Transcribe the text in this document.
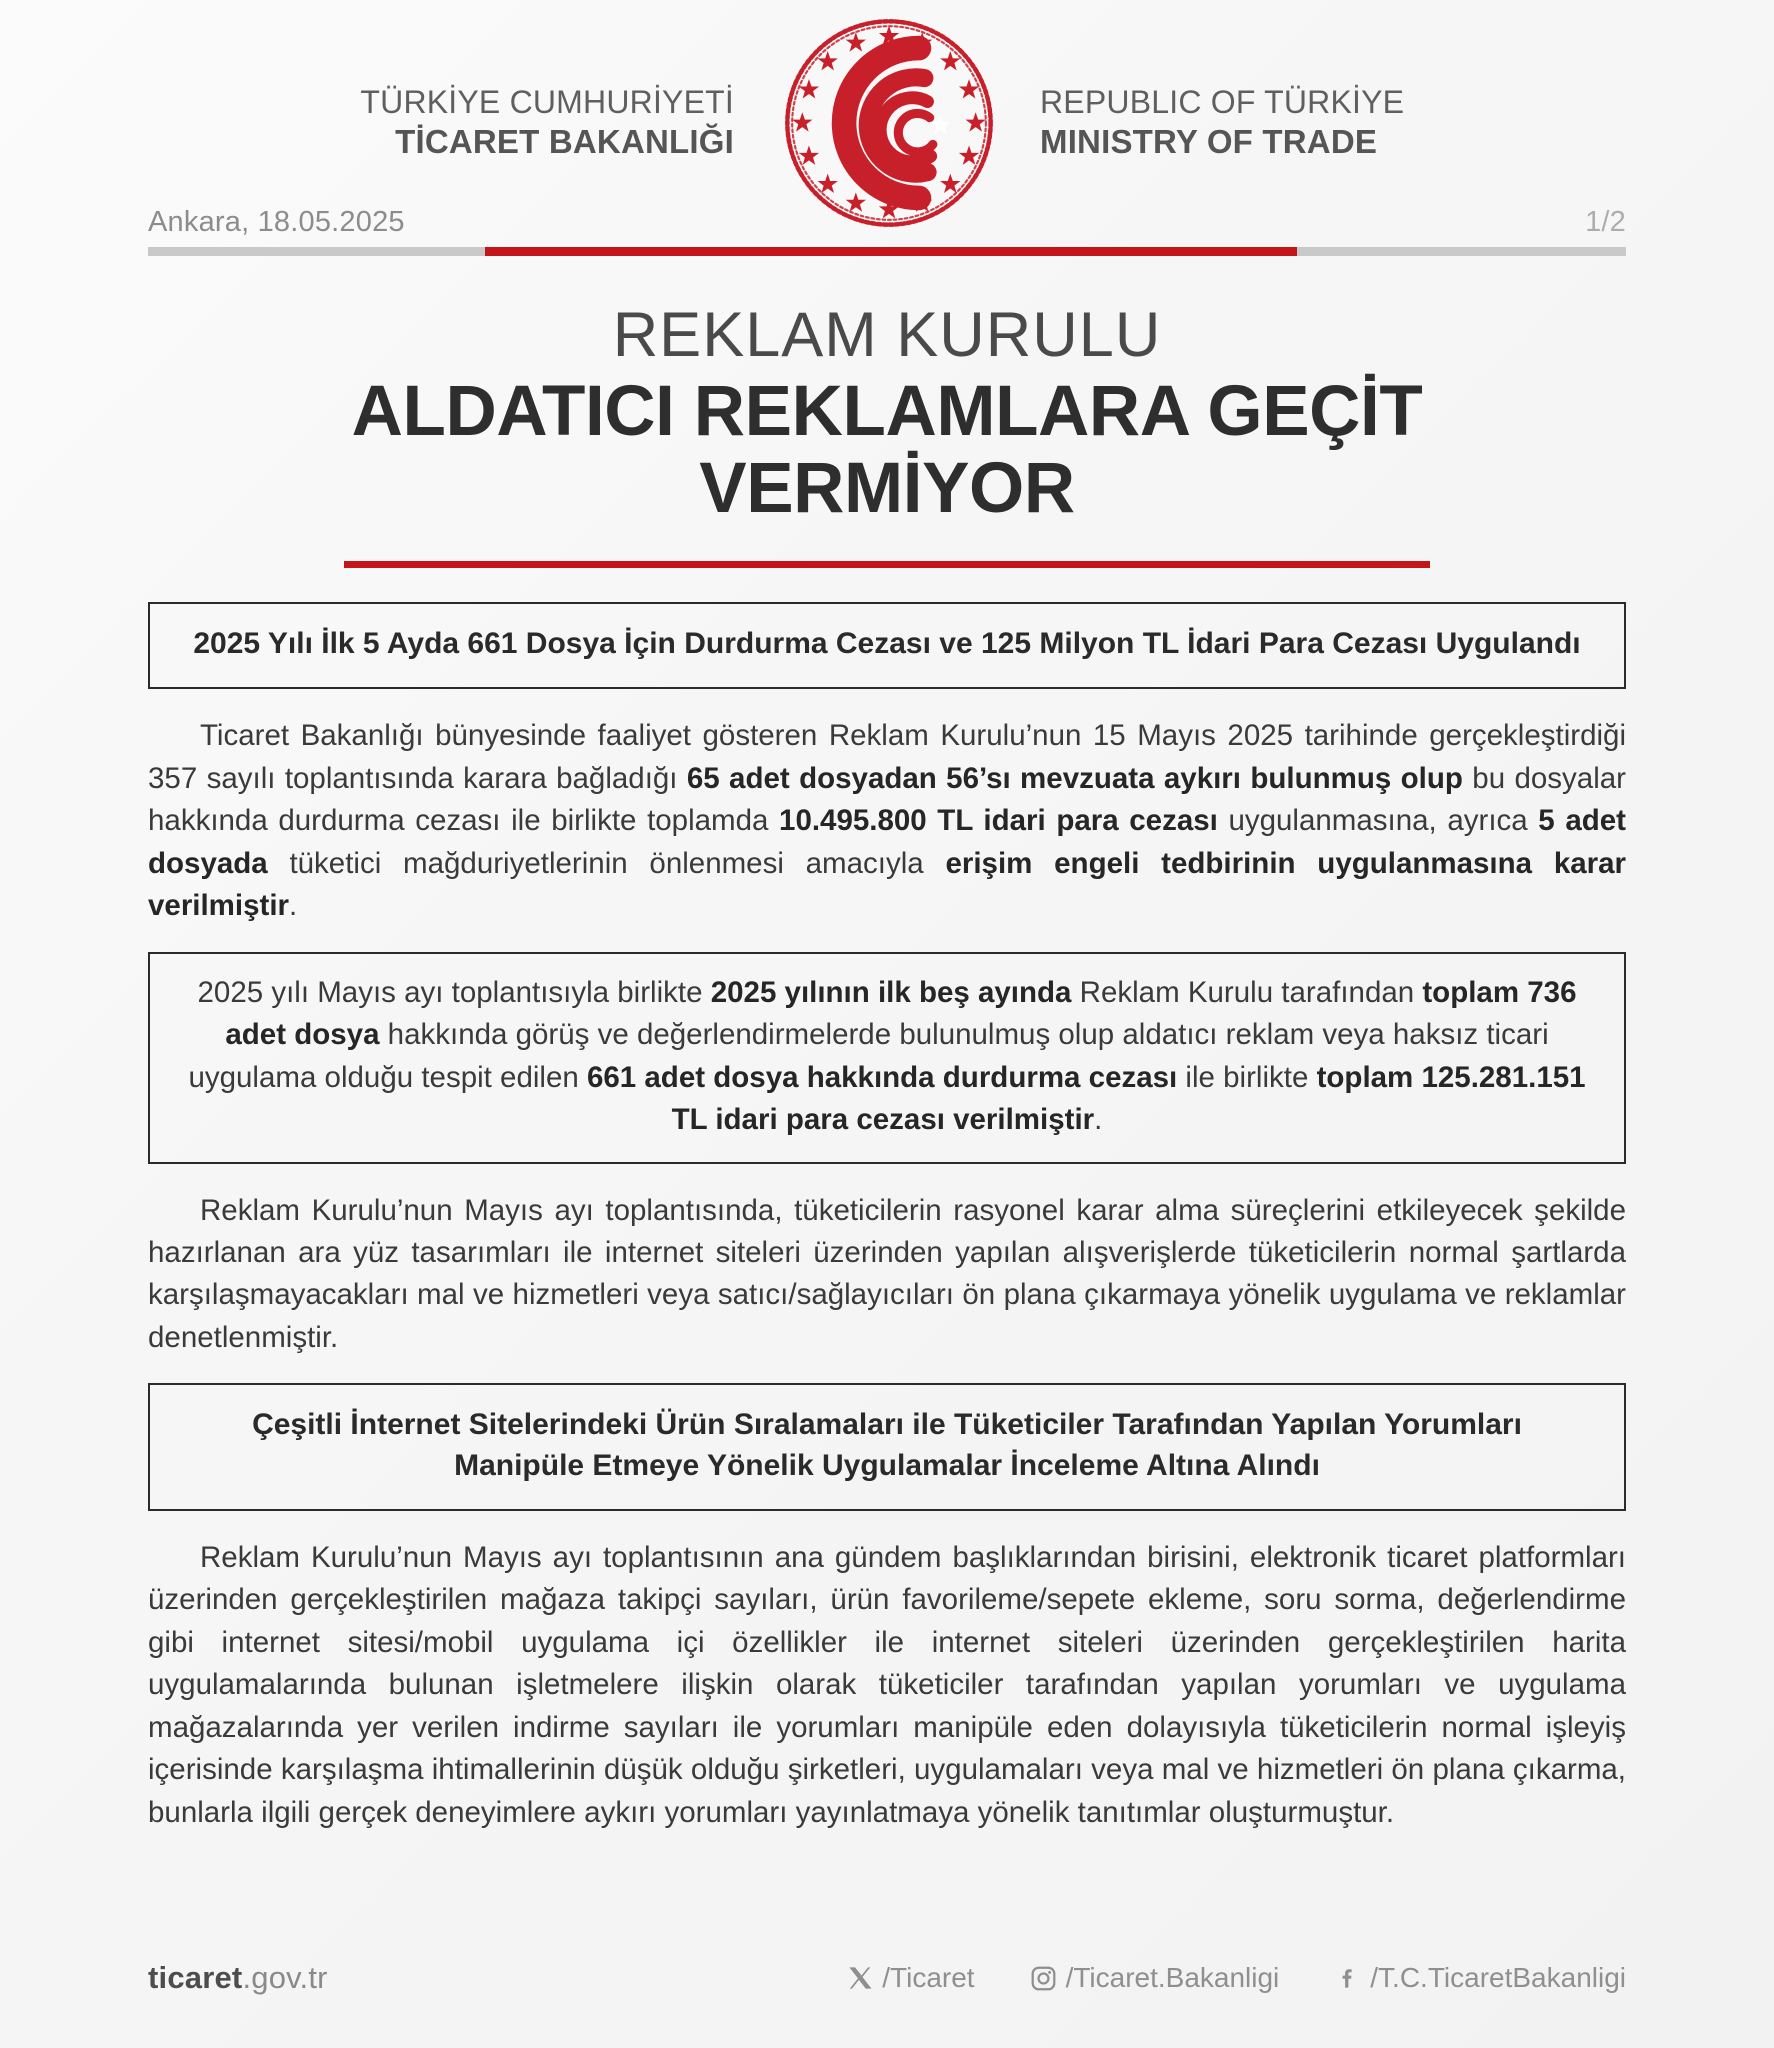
TÜRKİYE CUMHURİYETİ
TİCARET BAKANLIĞI
REPUBLIC OF TÜRKİYE
MINISTRY OF TRADE
Ankara, 18.05.2025	1/2
REKLAM KURULU
ALDATICI REKLAMLARA GEÇİT VERMİYOR
2025 Yılı İlk 5 Ayda 661 Dosya İçin Durdurma Cezası ve 125 Milyon TL İdari Para Cezası Uygulandı

Ticaret Bakanlığı bünyesinde faaliyet gösteren Reklam Kurulu’nun 15 Mayıs 2025 tarihinde gerçekleştirdiği 357 sayılı toplantısında karara bağladığı 65 adet dosyadan 56’sı mevzuata aykırı bulunmuş olup bu dosyalar hakkında durdurma cezası ile birlikte toplamda 10.495.800 TL idari para cezası uygulanmasına, ayrıca 5 adet dosyada tüketici mağduriyetlerinin önlenmesi amacıyla erişim engeli tedbirinin uygulanmasına karar verilmiştir.

2025 yılı Mayıs ayı toplantısıyla birlikte 2025 yılının ilk beş ayında Reklam Kurulu tarafından toplam 736 adet dosya hakkında görüş ve değerlendirmelerde bulunulmuş olup aldatıcı reklam veya haksız ticari uygulama olduğu tespit edilen 661 adet dosya hakkında durdurma cezası ile birlikte toplam 125.281.151 TL idari para cezası verilmiştir.

Reklam Kurulu’nun Mayıs ayı toplantısında, tüketicilerin rasyonel karar alma süreçlerini etkileyecek şekilde hazırlanan ara yüz tasarımları ile internet siteleri üzerinden yapılan alışverişlerde tüketicilerin normal şartlarda karşılaşmayacakları mal ve hizmetleri veya satıcı/sağlayıcıları ön plana çıkarmaya yönelik uygulama ve reklamlar denetlenmiştir.

Çeşitli İnternet Sitelerindeki Ürün Sıralamaları ile Tüketiciler Tarafından Yapılan Yorumları Manipüle Etmeye Yönelik Uygulamalar İnceleme Altına Alındı

Reklam Kurulu’nun Mayıs ayı toplantısının ana gündem başlıklarından birisini, elektronik ticaret platformları üzerinden gerçekleştirilen mağaza takipçi sayıları, ürün favorileme/sepete ekleme, soru sorma, değerlendirme gibi internet sitesi/mobil uygulama içi özellikler ile internet siteleri üzerinden gerçekleştirilen harita uygulamalarında bulunan işletmelere ilişkin olarak tüketiciler tarafından yapılan yorumları ve uygulama mağazalarında yer verilen indirme sayıları ile yorumları manipüle eden dolayısıyla tüketicilerin normal işleyiş içerisinde karşılaşma ihtimallerinin düşük olduğu şirketleri, uygulamaları veya mal ve hizmetleri ön plana çıkarma, bunlarla ilgili gerçek deneyimlere aykırı yorumları yayınlatmaya yönelik tanıtımlar oluşturmuştur.

ticaret.gov.tr	/Ticaret	/Ticaret.Bakanligi	/T.C.TicaretBakanligi
